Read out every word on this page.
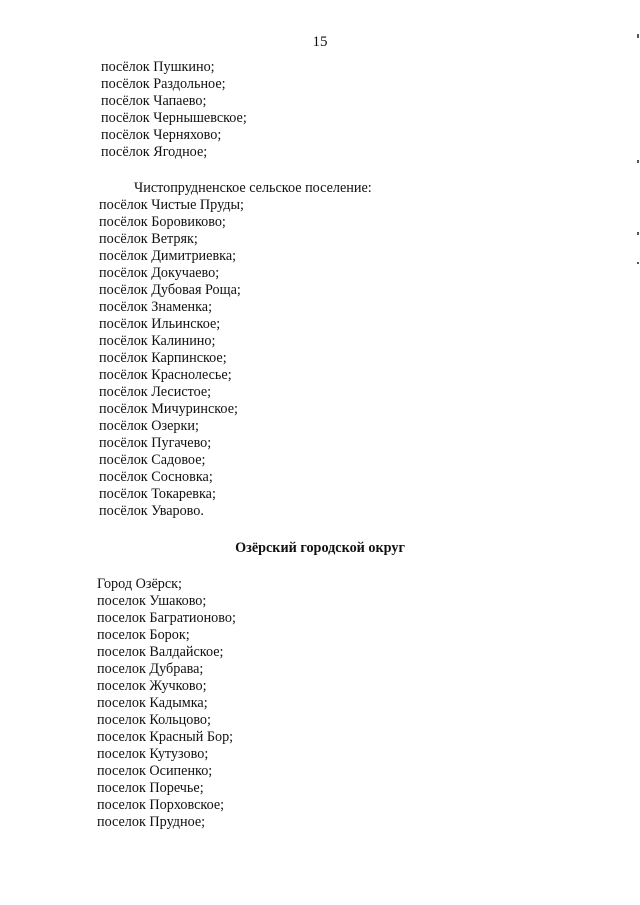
15
посёлок Пушкино;
посёлок Раздольное;
посёлок Чапаево;
посёлок Чернышевское;
посёлок Черняхово;
посёлок Ягодное;
Чистопрудненское сельское поселение:
посёлок Чистые Пруды;
посёлок Боровиково;
посёлок Ветряк;
посёлок Димитриевка;
посёлок Докучаево;
посёлок Дубовая Роща;
посёлок Знаменка;
посёлок Ильинское;
посёлок Калинино;
посёлок Карпинское;
посёлок Краснолесье;
посёлок Лесистое;
посёлок Мичуринское;
посёлок Озерки;
посёлок Пугачево;
посёлок Садовое;
посёлок Сосновка;
посёлок Токаревка;
посёлок Уварово.
Озёрский городской округ
Город Озёрск;
поселок Ушаково;
поселок Багратионово;
поселок Борок;
поселок Валдайское;
поселок Дубрава;
поселок Жучково;
поселок Кадымка;
поселок Кольцово;
поселок Красный Бор;
поселок Кутузово;
поселок Осипенко;
поселок Поречье;
поселок Порховское;
поселок Прудное;
